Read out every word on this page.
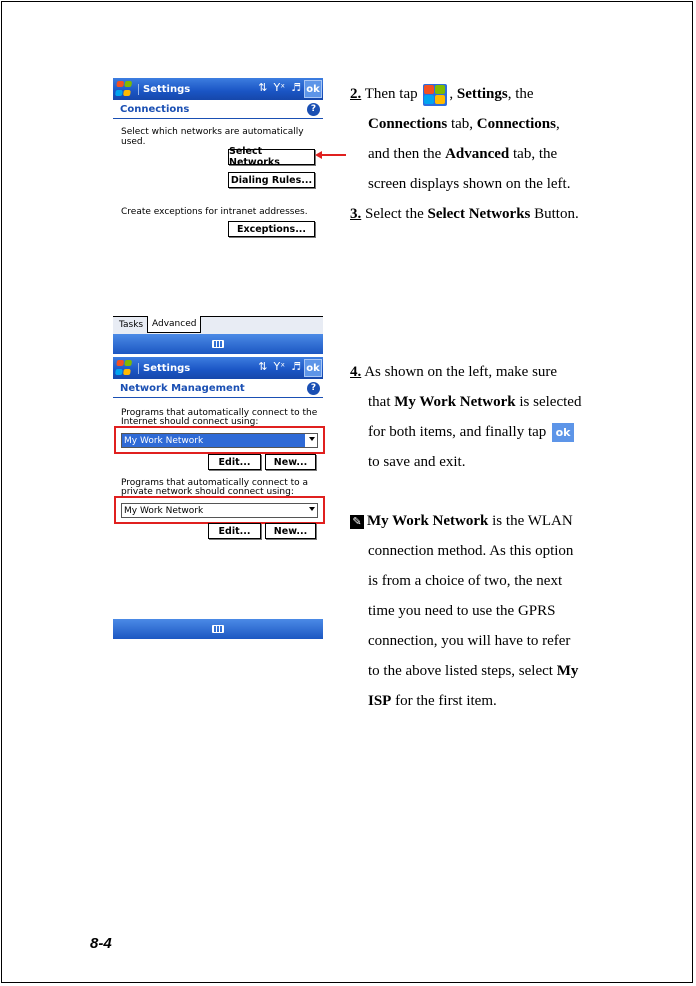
Settings	⇅ Yˣ ♬ ok
Connections	?
Select which networks are automatically used.
Select Networks
Dialing Rules...
Create exceptions for intranet addresses.
Exceptions...
Tasks Advanced
Settings	⇅ Yˣ ♬ ok
Network Management	?
Programs that automatically connect to the
Internet should connect using:
My Work Network
Edit...	New...
Programs that automatically connect to a
private network should connect using:
My Work Network
Edit...	New...
2. Then tap , Settings, the
Connections tab, Connections,
and then the Advanced tab, the
screen displays shown on the left.
3. Select the Select Networks Button.
4. As shown on the left, make sure
that My Work Network is selected
for both items, and finally tap ok
to save and exit.
✎ My Work Network is the WLAN
connection method. As this option
is from a choice of two, the next
time you need to use the GPRS
connection, you will have to refer
to the above listed steps, select My
ISP for the first item.
8-4
